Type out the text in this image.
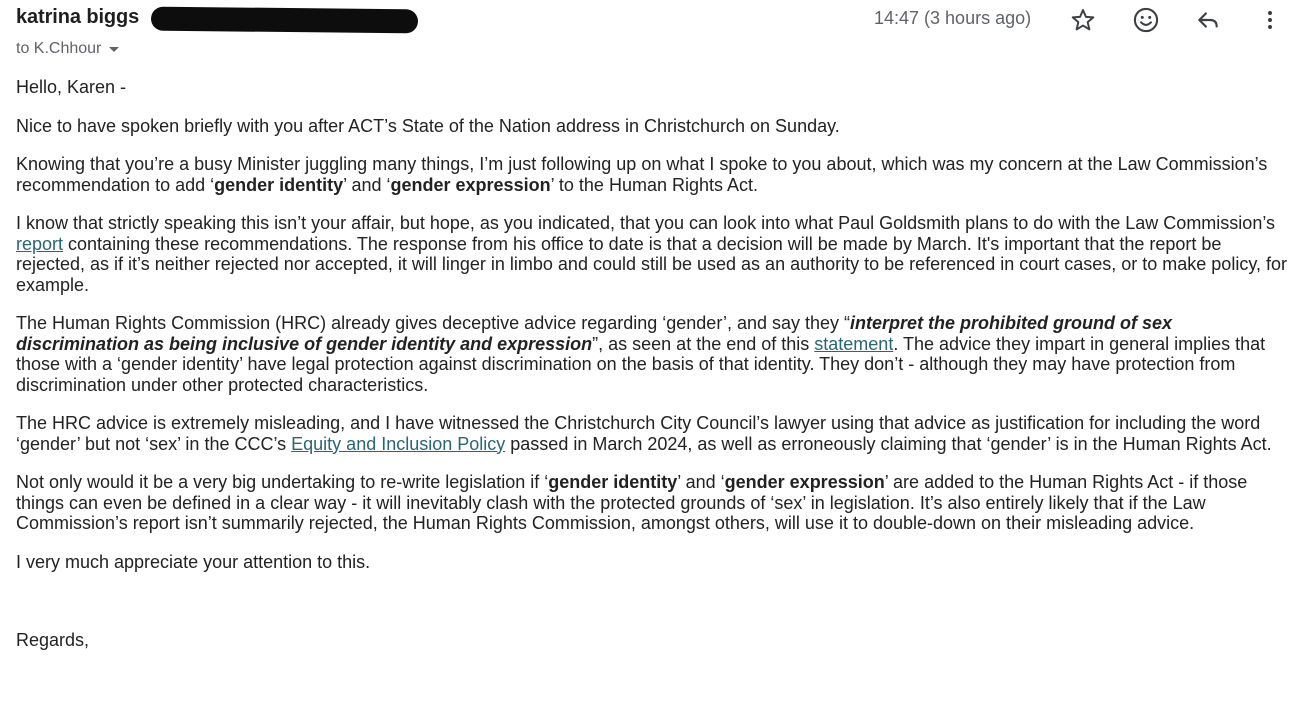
katrina biggs
to K.Chhour
14:47 (3 hours ago)

Hello, Karen -

Nice to have spoken briefly with you after ACT’s State of the Nation address in Christchurch on Sunday.

Knowing that you’re a busy Minister juggling many things, I’m just following up on what I spoke to you about, which was my concern at the Law Commission’s recommendation to add ‘gender identity’ and ‘gender expression’ to the Human Rights Act.

I know that strictly speaking this isn’t your affair, but hope, as you indicated, that you can look into what Paul Goldsmith plans to do with the Law Commission’s report containing these recommendations. The response from his office to date is that a decision will be made by March. It's important that the report be rejected, as if it’s neither rejected nor accepted, it will linger in limbo and could still be used as an authority to be referenced in court cases, or to make policy, for example.

The Human Rights Commission (HRC) already gives deceptive advice regarding ‘gender’, and say they “interpret the prohibited ground of sex discrimination as being inclusive of gender identity and expression”, as seen at the end of this statement. The advice they impart in general implies that those with a ‘gender identity’ have legal protection against discrimination on the basis of that identity. They don’t - although they may have protection from discrimination under other protected characteristics.

The HRC advice is extremely misleading, and I have witnessed the Christchurch City Council’s lawyer using that advice as justification for including the word ‘gender’ but not ‘sex’ in the CCC’s Equity and Inclusion Policy passed in March 2024, as well as erroneously claiming that ‘gender’ is in the Human Rights Act.

Not only would it be a very big undertaking to re-write legislation if ‘gender identity’ and ‘gender expression’ are added to the Human Rights Act - if those things can even be defined in a clear way - it will inevitably clash with the protected grounds of ‘sex’ in legislation. It’s also entirely likely that if the Law Commission’s report isn’t summarily rejected, the Human Rights Commission, amongst others, will use it to double-down on their misleading advice.

I very much appreciate your attention to this.

Regards,
